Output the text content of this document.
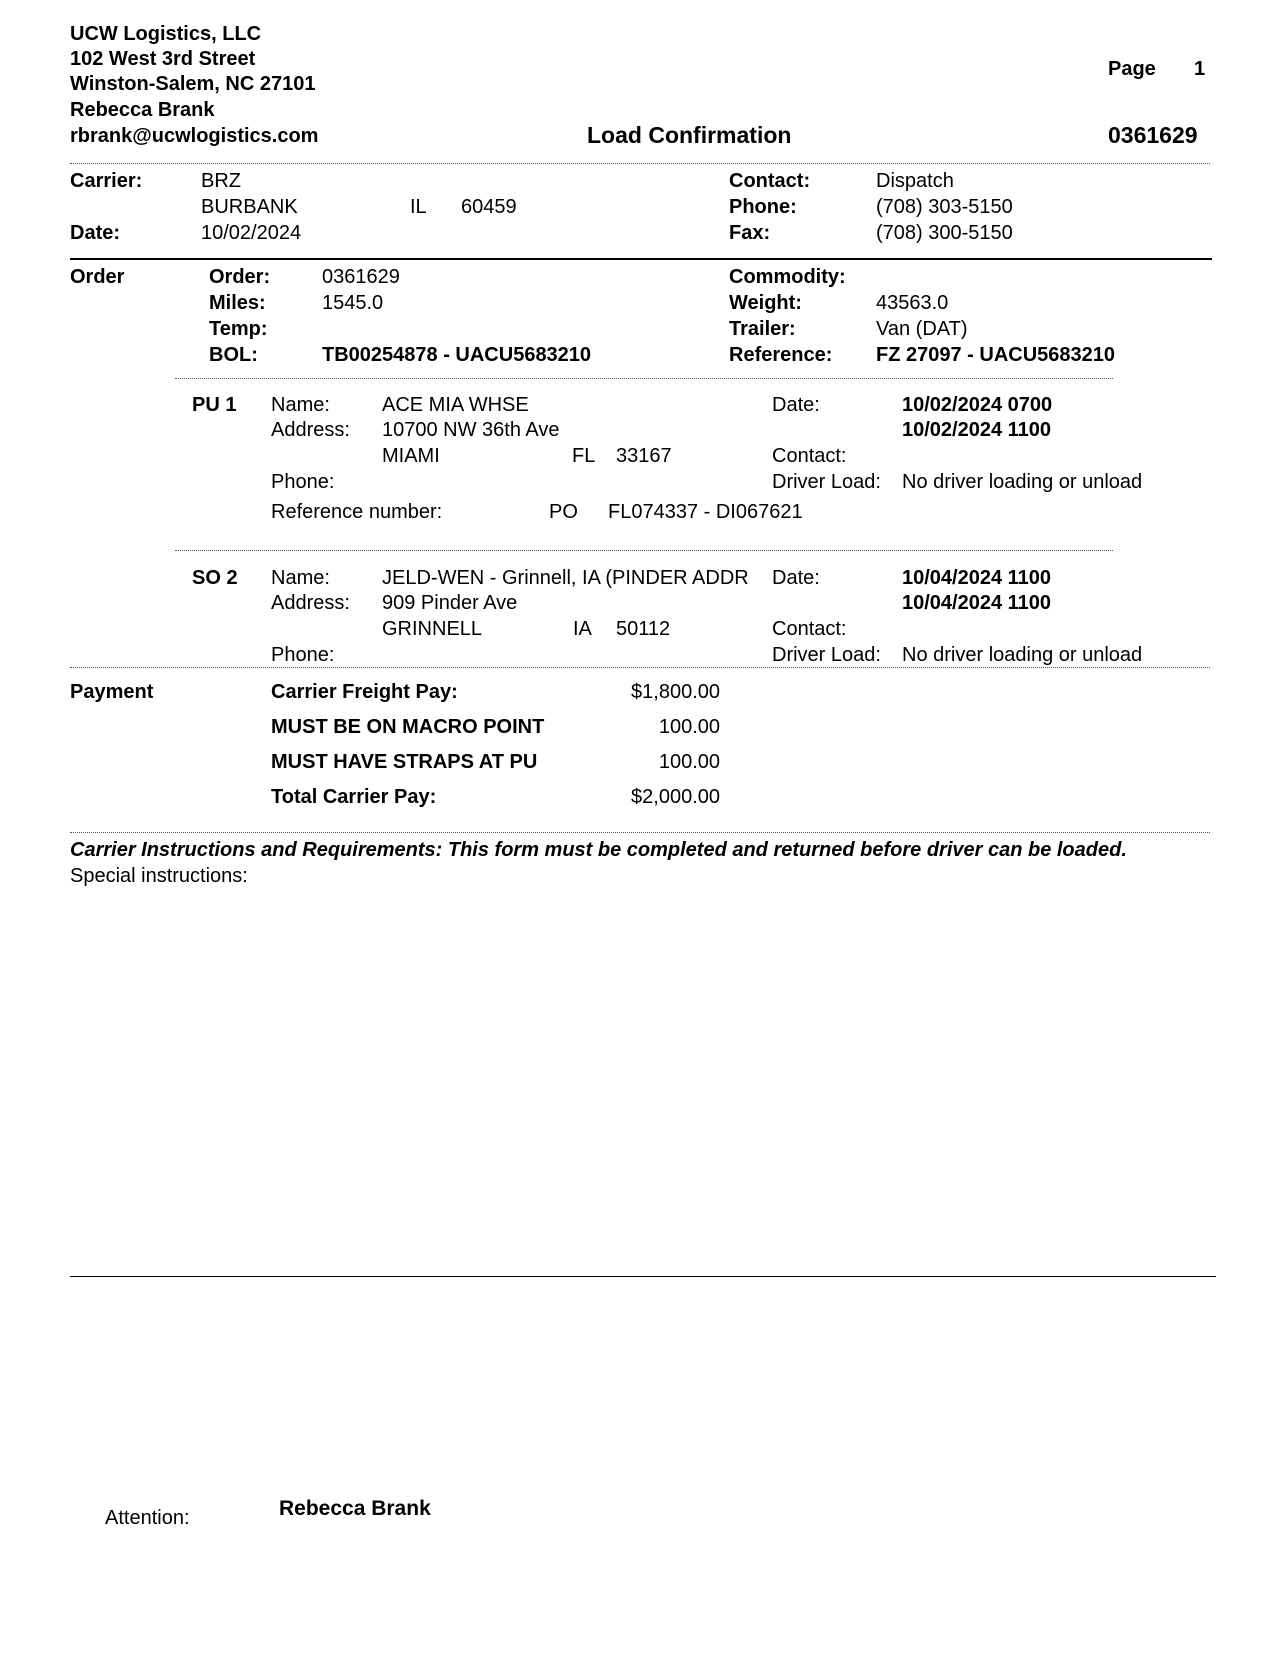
UCW Logistics, LLC
102 West 3rd Street
Winston-Salem, NC 27101
Rebecca Brank
rbrank@ucwlogistics.com
Page 1
Load Confirmation	0361629
Carrier:	BRZ
BURBANK	IL 60459
Date:	10/02/2024
Contact:	Dispatch
Phone:	(708) 303-5150
Fax:	(708) 300-5150
Order	Order:	0361629
Miles:	1545.0
Temp:
BOL:	TB00254878 - UACU5683210
Commodity:
Weight:	43563.0
Trailer:	Van (DAT)
Reference: FZ 27097 - UACU5683210
PU 1 Name:	ACE MIA WHSE
Address: 10700 NW 36th Ave
MIAMI	FL 33167
Phone:
Date:	10/02/2024 0700
10/02/2024 1100
Contact:
Driver Load: No driver loading or unload
Reference number:	PO FL074337 - DI067621
SO 2 Name:	JELD-WEN - Grinnell, IA (PINDER ADDR
Address: 909 Pinder Ave
GRINNELL	IA 50112
Phone:
Date:	10/04/2024 1100
10/04/2024 1100
Contact:
Driver Load: No driver loading or unload
Payment	Carrier Freight Pay:	$1,800.00
MUST BE ON MACRO POINT	100.00
MUST HAVE STRAPS AT PU	100.00
Total Carrier Pay:	$2,000.00
Carrier Instructions and Requirements: This form must be completed and returned before driver can be loaded.
Special instructions:
Attention:	Rebecca Brank
